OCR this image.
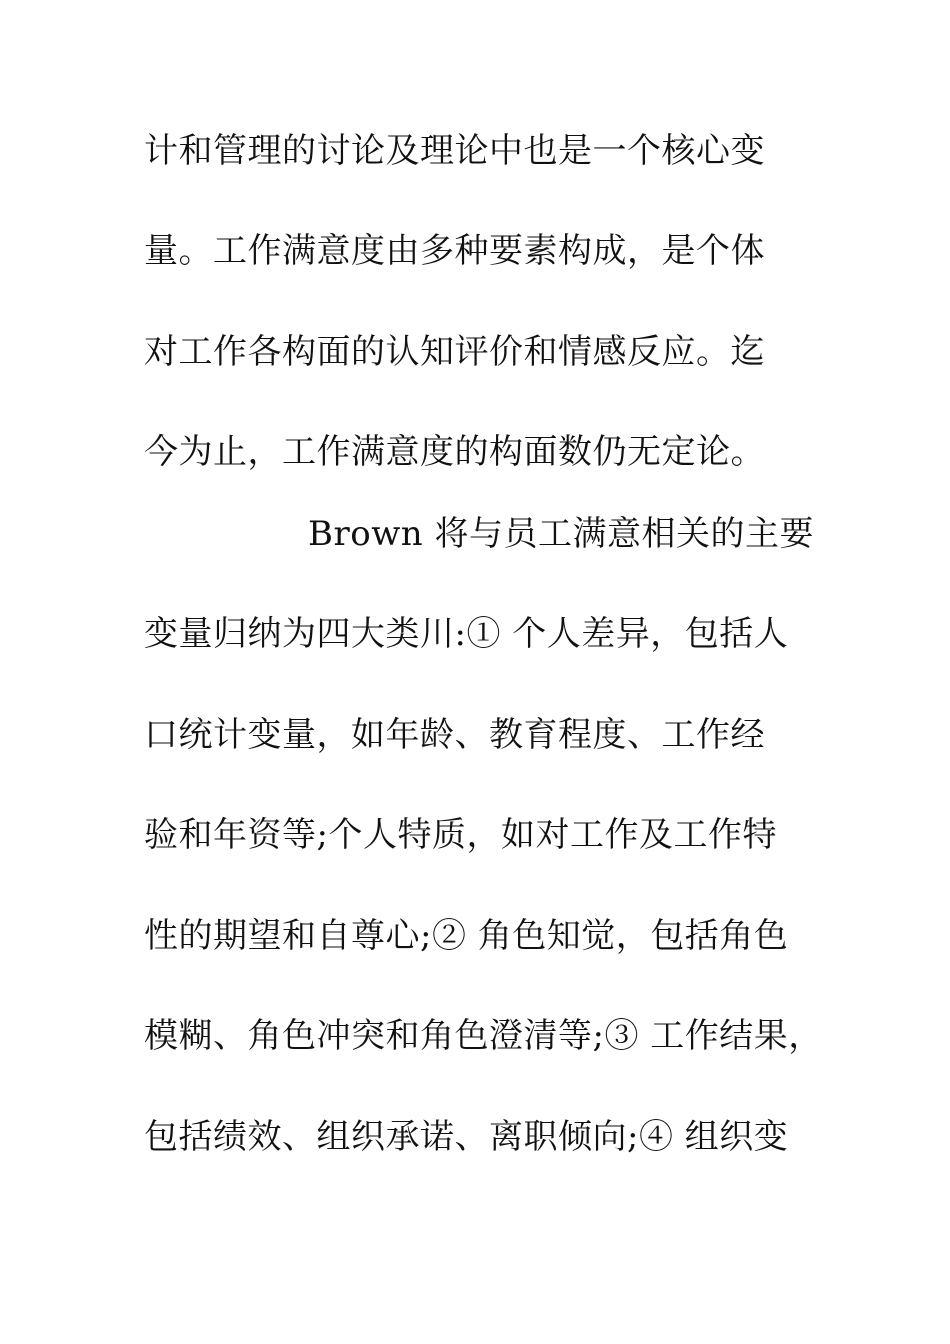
计和管理的讨论及理论中也是一个核心变
量。工作满意度由多种要素构成，是个体
对工作各构面的认知评价和情感反应。迄
今为止，工作满意度的构面数仍无定论。
Brown 将与员工满意相关的主要
变量归纳为四大类川:① 个人差异，包括人
口统计变量，如年龄、教育程度、工作经
验和年资等;个人特质，如对工作及工作特
性的期望和自尊心;② 角色知觉，包括角色
模糊、角色冲突和角色澄清等;③ 工作结果，
包括绩效、组织承诺、离职倾向;④ 组织变
